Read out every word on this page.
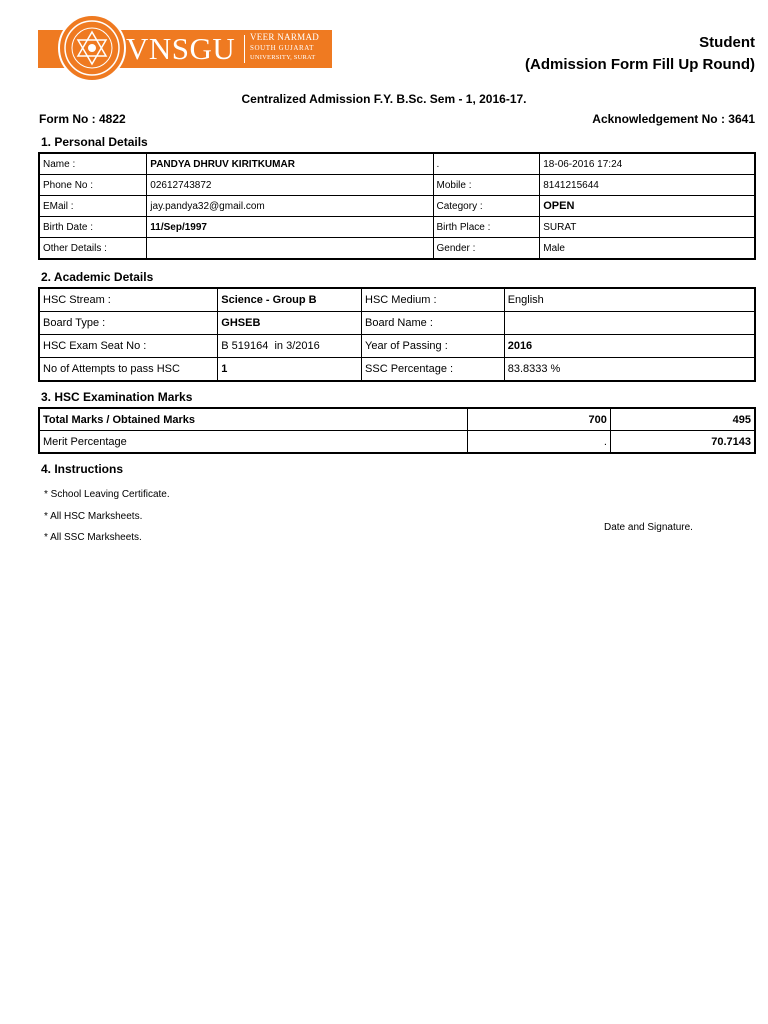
VNSGU VEER NARMAD
SOUTH GUJARAT
UNIVERSITY, SURAT
Student
(Admission Form Fill Up Round)
Centralized Admission F.Y. B.Sc. Sem - 1, 2016-17.
Form No : 4822	Acknowledgement No : 3641
1. Personal Details
Name :	PANDYA DHRUV KIRITKUMAR	.	18-06-2016 17:24
Phone No :	02612743872	Mobile :	8141215644
EMail :	jay.pandya32@gmail.com	Category :	OPEN
Birth Date :	11/Sep/1997	Birth Place :	SURAT
Other Details :		Gender :	Male
2. Academic Details
HSC Stream :	Science - Group B	HSC Medium :	English
Board Type :	GHSEB	Board Name :	
HSC Exam Seat No :	B 519164  in 3/2016	Year of Passing :	2016
No of Attempts to pass HSC	1	SSC Percentage :	83.8333 %
3. HSC Examination Marks
Total Marks / Obtained Marks	700	495
Merit Percentage	.	70.7143
4. Instructions
* School Leaving Certificate.
* All HSC Marksheets.
* All SSC Marksheets.
Date and Signature.
